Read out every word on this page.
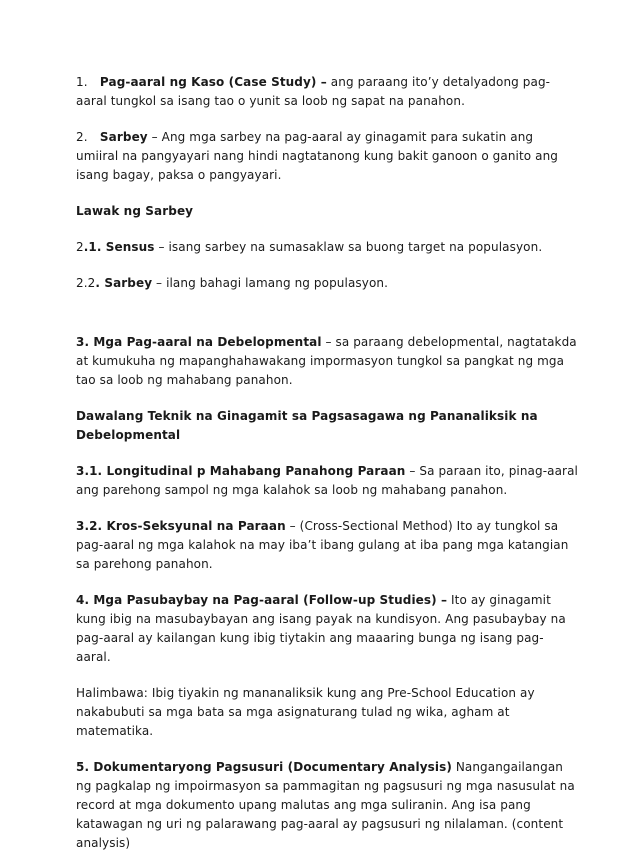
1. Pag-aaral ng Kaso (Case Study) – ang paraang ito’y detalyadong pag-aaral tungkol sa isang tao o yunit sa loob ng sapat na panahon.

2. Sarbey – Ang mga sarbey na pag-aaral ay ginagamit para sukatin ang umiiral na pangyayari nang hindi nagtatanong kung bakit ganoon o ganito ang isang bagay, paksa o pangyayari.

Lawak ng Sarbey

2.1. Sensus – isang sarbey na sumasaklaw sa buong target na populasyon.

2.2. Sarbey – ilang bahagi lamang ng populasyon.

3. Mga Pag-aaral na Debelopmental – sa paraang debelopmental, nagtatakda at kumukuha ng mapanghahawakang impormasyon tungkol sa pangkat ng mga tao sa loob ng mahabang panahon.

Dawalang Teknik na Ginagamit sa Pagsasagawa ng Pananaliksik na Debelopmental

3.1. Longitudinal p Mahabang Panahong Paraan – Sa paraan ito, pinag-aaral ang parehong sampol ng mga kalahok sa loob ng mahabang panahon.

3.2. Kros-Seksyunal na Paraan – (Cross-Sectional Method) Ito ay tungkol sa pag-aaral ng mga kalahok na may iba’t ibang gulang at iba pang mga katangian sa parehong panahon.

4. Mga Pasubaybay na Pag-aaral (Follow-up Studies) – Ito ay ginagamit kung ibig na masubaybayan ang isang payak na kundisyon. Ang pasubaybay na pag-aaral ay kailangan kung ibig tiytakin ang maaaring bunga ng isang pag-aaral.

Halimbawa: Ibig tiyakin ng mananaliksik kung ang Pre-School Education ay nakabubuti sa mga bata sa mga asignaturang tulad ng wika, agham at matematika.

5. Dokumentaryong Pagsusuri (Documentary Analysis) Nangangailangan ng pagkalap ng impoirmasyon sa pammagitan ng pagsusuri ng mga nasusulat na record at mga dokumento upang malutas ang mga suliranin. Ang isa pang katawagan ng uri ng palarawang pag-aaral ay pagsusuri ng nilalaman. (content analysis)
